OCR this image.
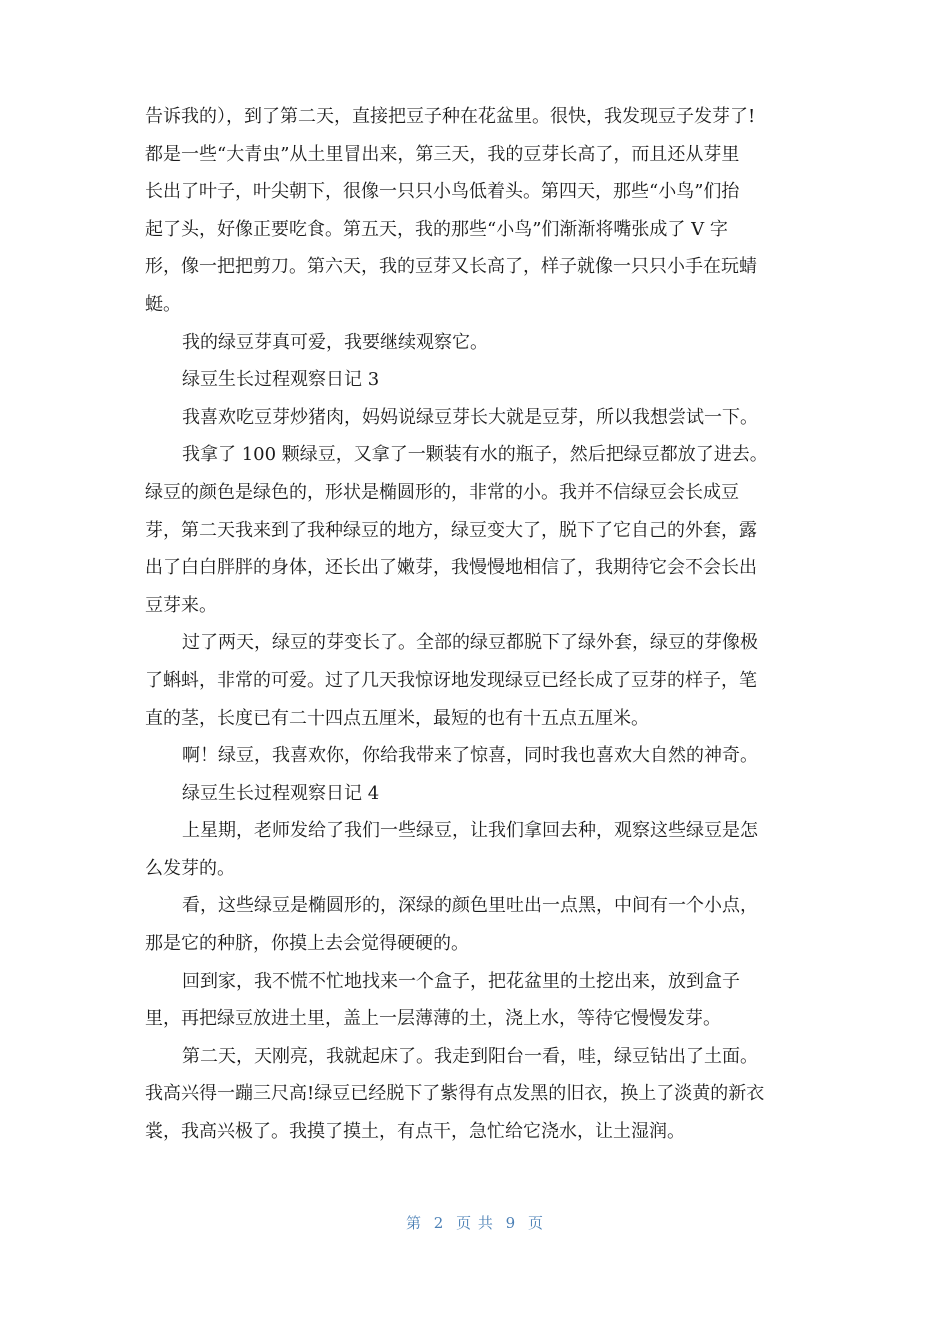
告诉我的），到了第二天，直接把豆子种在花盆里。很快，我发现豆子发芽了!
都是一些“大青虫”从土里冒出来，第三天，我的豆芽长高了，而且还从芽里
长出了叶子，叶尖朝下，很像一只只小鸟低着头。第四天，那些“小鸟”们抬
起了头，好像正要吃食。第五天，我的那些“小鸟”们渐渐将嘴张成了 V 字
形，像一把把剪刀。第六天，我的豆芽又长高了，样子就像一只只小手在玩蜻
蜓。
我的绿豆芽真可爱，我要继续观察它。
绿豆生长过程观察日记 3
我喜欢吃豆芽炒猪肉，妈妈说绿豆芽长大就是豆芽，所以我想尝试一下。
我拿了 100 颗绿豆，又拿了一颗装有水的瓶子，然后把绿豆都放了进去。
绿豆的颜色是绿色的，形状是椭圆形的，非常的小。我并不信绿豆会长成豆
芽，第二天我来到了我种绿豆的地方，绿豆变大了，脱下了它自己的外套，露
出了白白胖胖的身体，还长出了嫩芽，我慢慢地相信了，我期待它会不会长出
豆芽来。
过了两天，绿豆的芽变长了。全部的绿豆都脱下了绿外套，绿豆的芽像极
了蝌蚪，非常的可爱。过了几天我惊讶地发现绿豆已经长成了豆芽的样子，笔
直的茎，长度已有二十四点五厘米，最短的也有十五点五厘米。
啊！绿豆，我喜欢你，你给我带来了惊喜，同时我也喜欢大自然的神奇。
绿豆生长过程观察日记 4
上星期，老师发给了我们一些绿豆，让我们拿回去种，观察这些绿豆是怎
么发芽的。
看，这些绿豆是椭圆形的，深绿的颜色里吐出一点黑，中间有一个小点，
那是它的种脐，你摸上去会觉得硬硬的。
回到家，我不慌不忙地找来一个盒子，把花盆里的土挖出来，放到盒子
里，再把绿豆放进土里，盖上一层薄薄的土，浇上水，等待它慢慢发芽。
第二天，天刚亮，我就起床了。我走到阳台一看，哇，绿豆钻出了土面。
我高兴得一蹦三尺高!绿豆已经脱下了紫得有点发黑的旧衣，换上了淡黄的新衣
裳，我高兴极了。我摸了摸土，有点干，急忙给它浇水，让土湿润。
第 2 页 共 9 页
